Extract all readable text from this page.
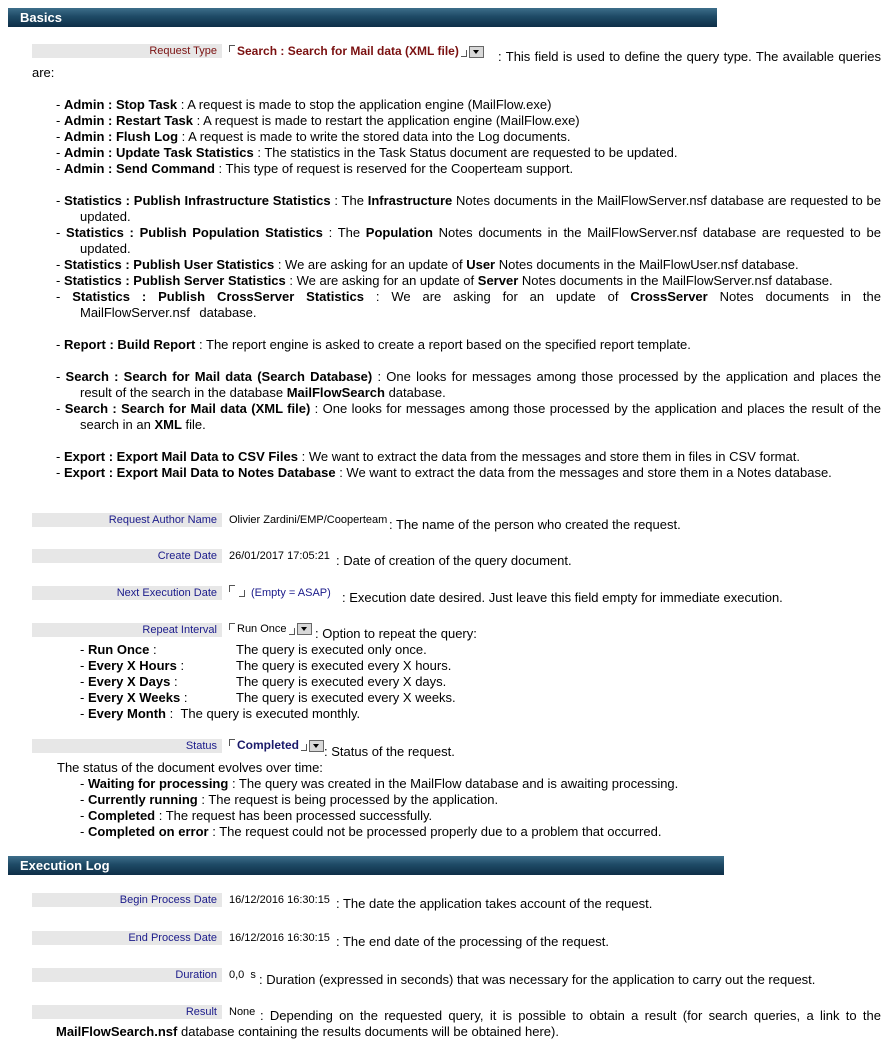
Basics
Request Type	Search : Search for Mail data (XML file)	: This field is used to define the query type. The available queries are:
- Admin : Stop Task : A request is made to stop the application engine (MailFlow.exe)
- Admin : Restart Task : A request is made to restart the application engine (MailFlow.exe)
- Admin : Flush Log : A request is made to write the stored data into the Log documents.
- Admin : Update Task Statistics : The statistics in the Task Status document are requested to be updated.
- Admin : Send Command : This type of request is reserved for the Cooperteam support.
- Statistics : Publish Infrastructure Statistics : The Infrastructure Notes documents in the MailFlowServer.nsf database are requested to be updated.
- Statistics : Publish Population Statistics : The Population Notes documents in the MailFlowServer.nsf database are requested to be updated.
- Statistics : Publish User Statistics : We are asking for an update of User Notes documents in the MailFlowUser.nsf database.
- Statistics : Publish Server Statistics : We are asking for an update of Server Notes documents in the MailFlowServer.nsf database.
- Statistics : Publish CrossServer Statistics : We are asking for an update of CrossServer Notes documents in the MailFlowServer.nsf database.
- Report : Build Report : The report engine is asked to create a report based on the specified report template.
- Search : Search for Mail data (Search Database) : One looks for messages among those processed by the application and places the result of the search in the database MailFlowSearch database.
- Search : Search for Mail data (XML file) : One looks for messages among those processed by the application and places the result of the search in an XML file.
- Export : Export Mail Data to CSV Files : We want to extract the data from the messages and store them in files in CSV format.
- Export : Export Mail Data to Notes Database : We want to extract the data from the messages and store them in a Notes database.
Request Author Name	Olivier Zardini/EMP/Cooperteam : The name of the person who created the request.
Create Date	26/01/2017 17:05:21 : Date of creation of the query document.
Next Execution Date	(Empty = ASAP) : Execution date desired. Just leave this field empty for immediate execution.
Repeat Interval	Run Once	: Option to repeat the query:
- Run Once :	The query is executed only once.
- Every X Hours :	The query is executed every X hours.
- Every X Days :	The query is executed every X days.
- Every X Weeks :	The query is executed every X weeks.
- Every Month : The query is executed monthly.
Status	Completed	: Status of the request.
The status of the document evolves over time:
- Waiting for processing : The query was created in the MailFlow database and is awaiting processing.
- Currently running : The request is being processed by the application.
- Completed : The request has been processed successfully.
- Completed on error : The request could not be processed properly due to a problem that occurred.
Execution Log
Begin Process Date	16/12/2016 16:30:15 : The date the application takes account of the request.
End Process Date	16/12/2016 16:30:15 : The end date of the processing of the request.
Duration	0,0 s : Duration (expressed in seconds) that was necessary for the application to carry out the request.
Result	None : Depending on the requested query, it is possible to obtain a result (for search queries, a link to the MailFlowSearch.nsf database containing the results documents will be obtained here).
